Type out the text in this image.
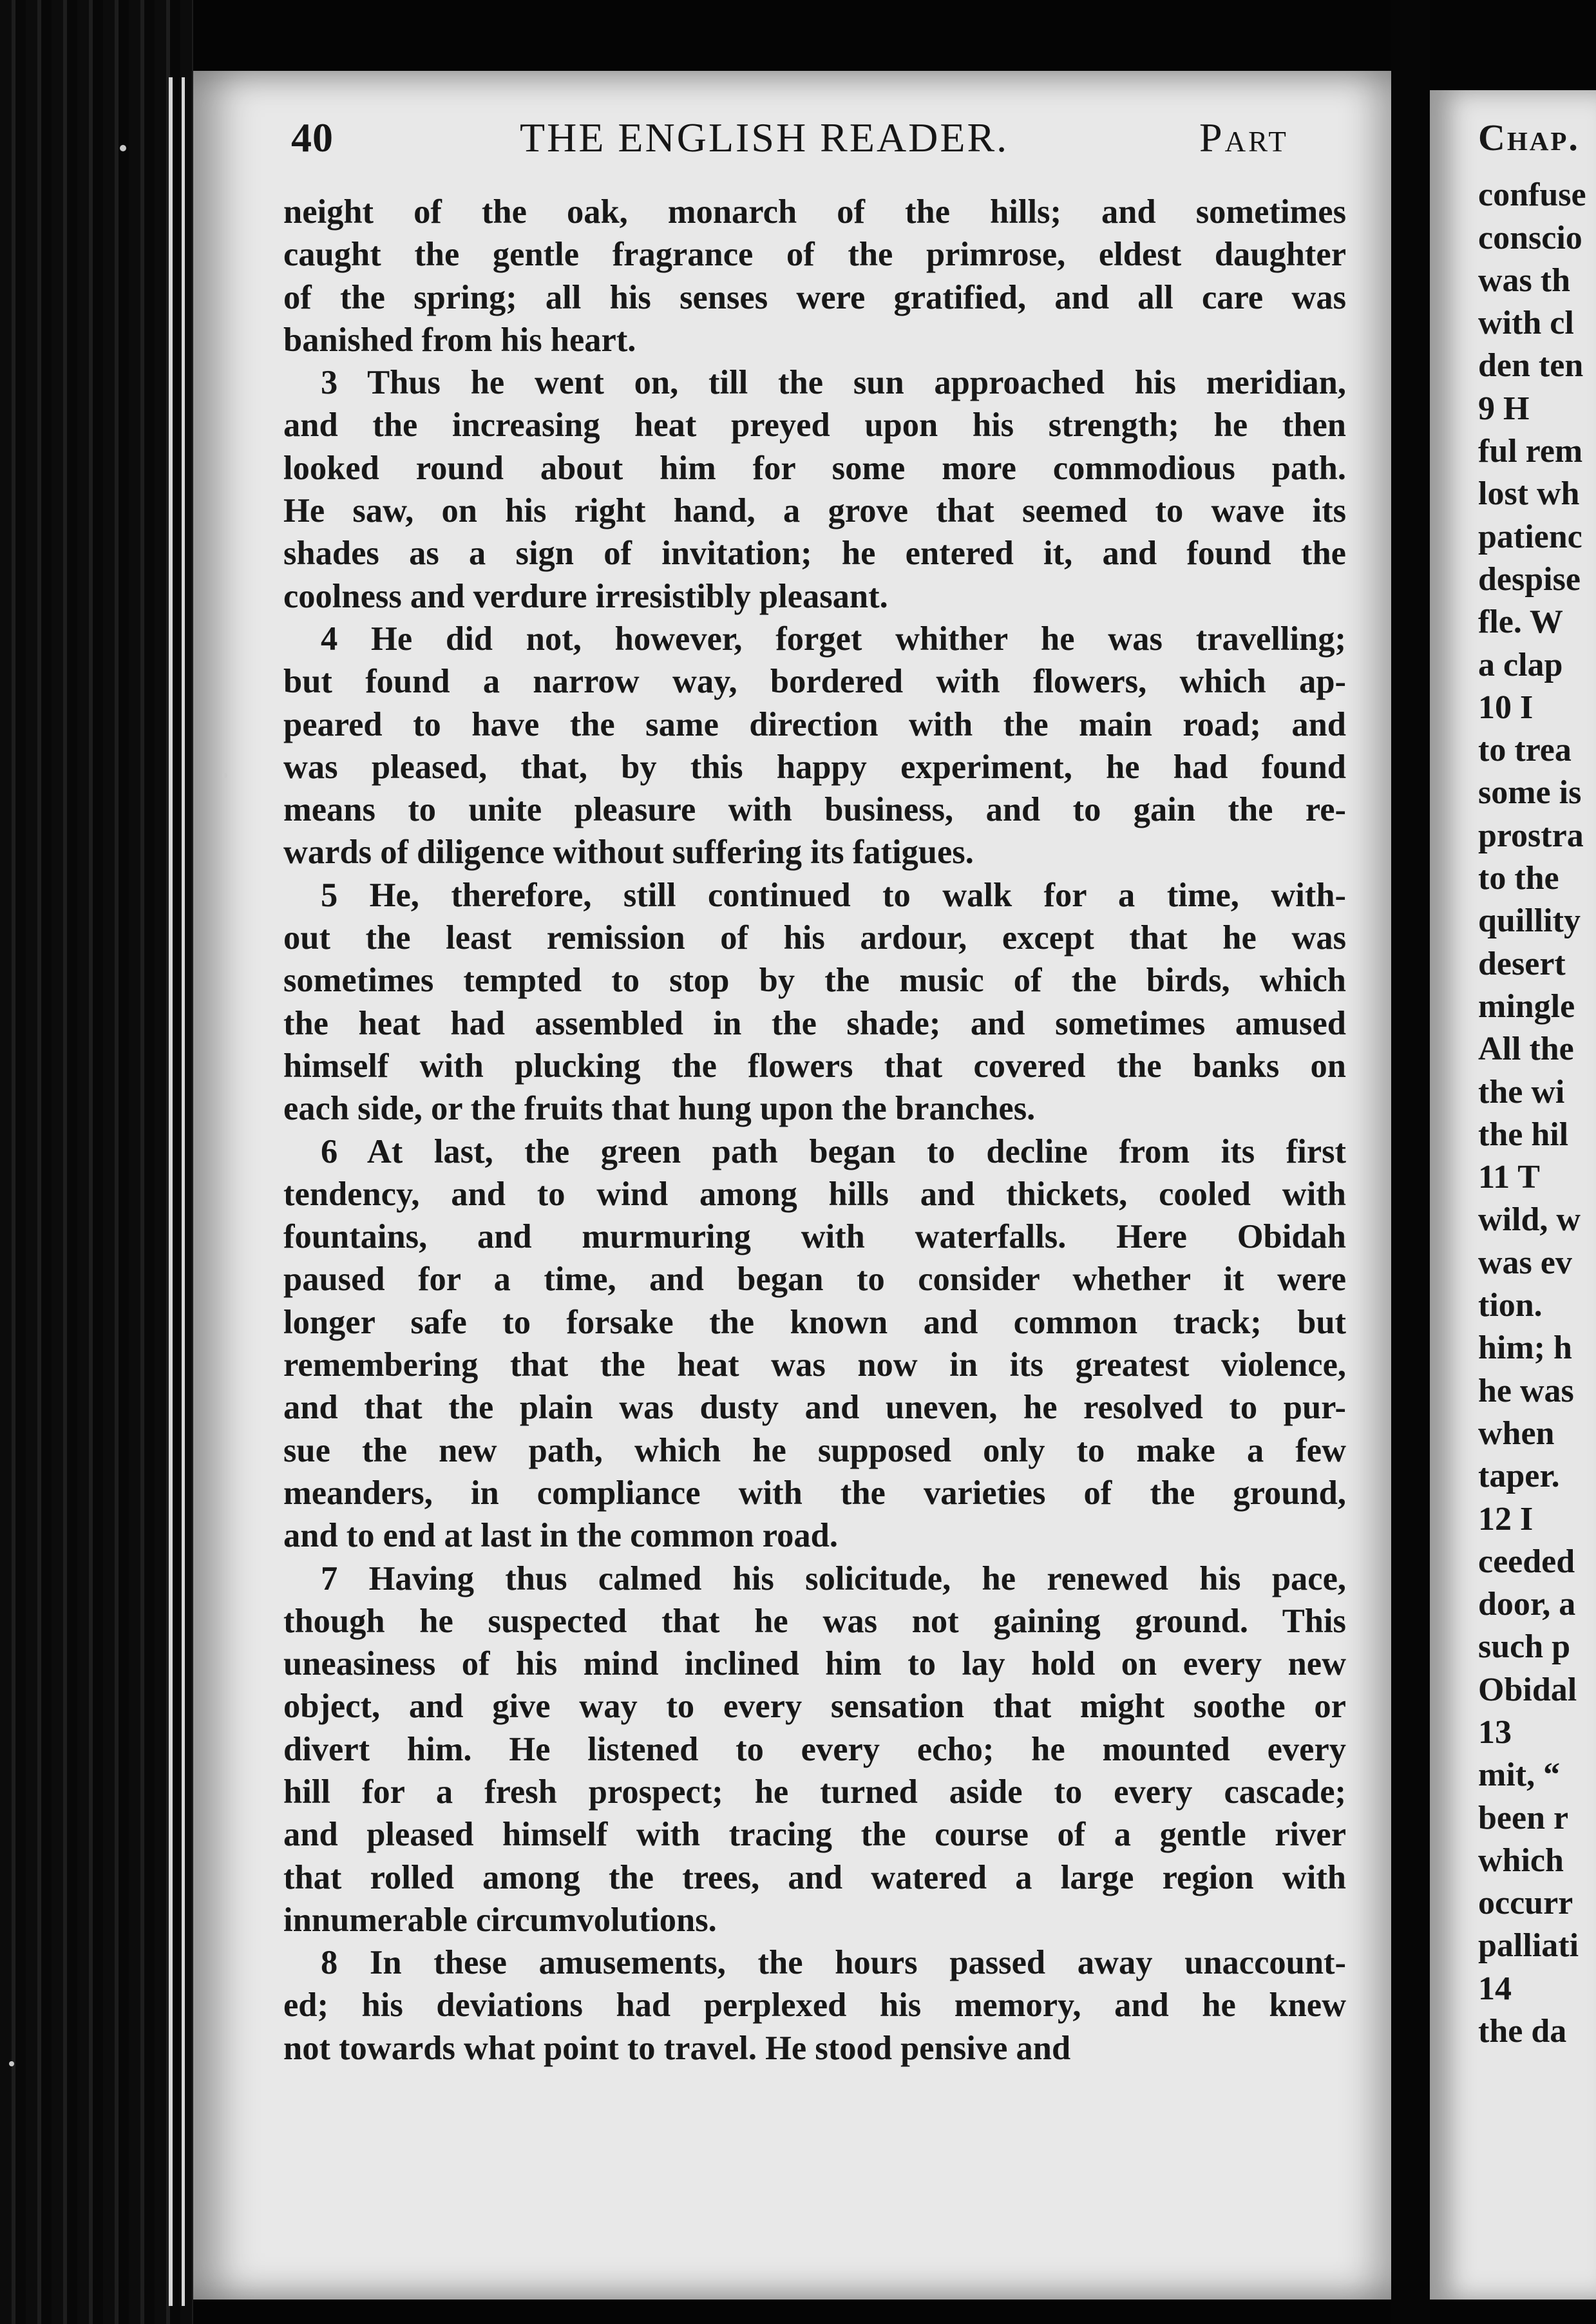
40	THE ENGLISH READER.	Part

neight of the oak, monarch of the hills; and sometimes

caught the gentle fragrance of the primrose, eldest daughter

of the spring; all his senses were gratified, and all care was

banished from his heart.

3 Thus he went on, till the sun approached his meridian,

and the increasing heat preyed upon his strength; he then

looked round about him for some more commodious path.

He saw, on his right hand, a grove that seemed to wave its

shades as a sign of invitation; he entered it, and found the

coolness and verdure irresistibly pleasant.

4 He did not, however, forget whither he was travelling;

but found a narrow way, bordered with flowers, which ap-

peared to have the same direction with the main road; and

was pleased, that, by this happy experiment, he had found

means to unite pleasure with business, and to gain the re-

wards of diligence without suffering its fatigues.

5 He, therefore, still continued to walk for a time, with-

out the least remission of his ardour, except that he was

sometimes tempted to stop by the music of the birds, which

the heat had assembled in the shade; and sometimes amused

himself with plucking the flowers that covered the banks on

each side, or the fruits that hung upon the branches.

6 At last, the green path began to decline from its first

tendency, and to wind among hills and thickets, cooled with

fountains, and murmuring with waterfalls. Here Obidah

paused for a time, and began to consider whether it were

longer safe to forsake the known and common track; but

remembering that the heat was now in its greatest violence,

and that the plain was dusty and uneven, he resolved to pur-

sue the new path, which he supposed only to make a few

meanders, in compliance with the varieties of the ground,

and to end at last in the common road.

7 Having thus calmed his solicitude, he renewed his pace,

though he suspected that he was not gaining ground. This

uneasiness of his mind inclined him to lay hold on every new

object, and give way to every sensation that might soothe or

divert him. He listened to every echo; he mounted every

hill for a fresh prospect; he turned aside to every cascade;

and pleased himself with tracing the course of a gentle river

that rolled among the trees, and watered a large region with

innumerable circumvolutions.

8 In these amusements, the hours passed away unaccount-

ed; his deviations had perplexed his memory, and he knew

not towards what point to travel. He stood pensive and

Chap.
confuse
conscio
was th
with cl
den ten
9 H
ful rem
lost wh
patienc
despise
fle. W
a clap
10 I
to trea
some is
prostra
to the
quillity
desert
mingle
All the
the wi
the hil
11 T
wild, w
was ev
tion.
him; h
he was
when
taper.
12 I
ceeded
door, a
such p
Obidal
13
mit, “
been r
which
occurr
palliati
14
the da
